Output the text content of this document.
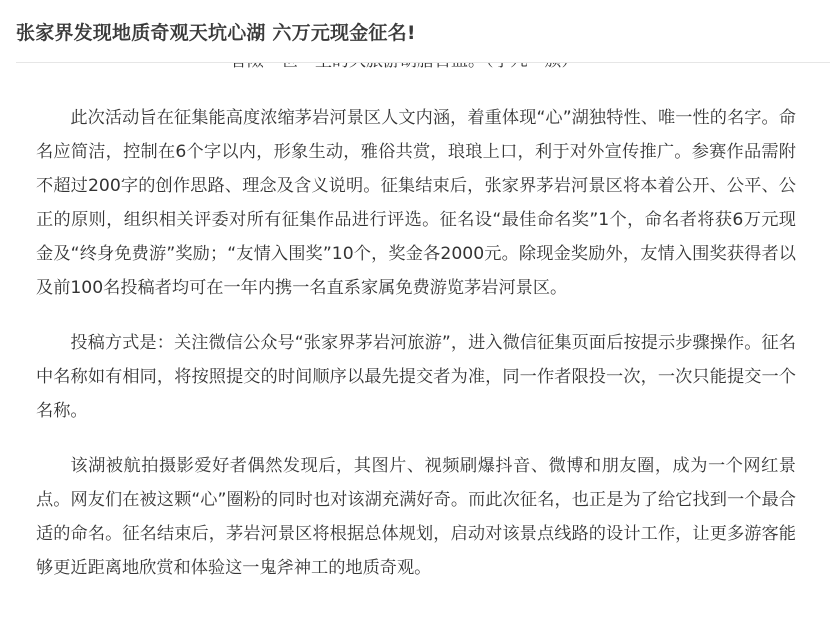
张家界发现地质奇观天坑心湖 六万元现金征名!

此次活动旨在征集能高度浓缩茅岩河景区人文内涵，着重体现“心”湖独特性、唯一性的名字。命名应简洁，控制在6个字以内，形象生动，雅俗共赏，琅琅上口，利于对外宣传推广。参赛作品需附不超过200字的创作思路、理念及含义说明。征集结束后，张家界茅岩河景区将本着公开、公平、公正的原则，组织相关评委对所有征集作品进行评选。征名设“最佳命名奖”1个，命名者将获6万元现金及“终身免费游”奖励；“友情入围奖”10个，奖金各2000元。除现金奖励外，友情入围奖获得者以及前100名投稿者均可在一年内携一名直系家属免费游览茅岩河景区。

投稿方式是：关注微信公众号“张家界茅岩河旅游”，进入微信征集页面后按提示步骤操作。征名中名称如有相同，将按照提交的时间顺序以最先提交者为准，同一作者限投一次，一次只能提交一个名称。

该湖被航拍摄影爱好者偶然发现后，其图片、视频刷爆抖音、微博和朋友圈，成为一个网红景点。网友们在被这颗“心”圈粉的同时也对该湖充满好奇。而此次征名，也正是为了给它找到一个最合适的命名。征名结束后，茅岩河景区将根据总体规划，启动对该景点线路的设计工作，让更多游客能够更近距离地欣赏和体验这一鬼斧神工的地质奇观。
